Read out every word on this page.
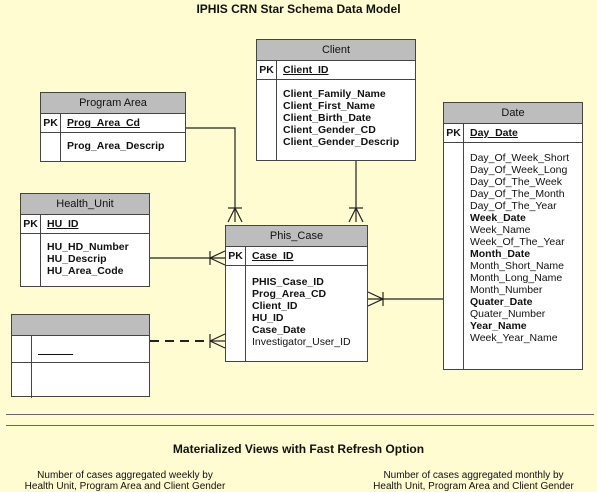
IPHIS CRN Star Schema Data Model
Client
PK Client_ID
Client_Family_Name
Client_First_Name
Client_Birth_Date
Client_Gender_CD
Client_Gender_Descrip
Program Area
PK Prog_Area_Cd
Prog_Area_Descrip
Health_Unit
PK HU_ID
HU_HD_Number
HU_Descrip
HU_Area_Code
Phis_Case
PK Case_ID
PHIS_Case_ID
Prog_Area_CD
Client_ID
HU_ID
Case_Date
Investigator_User_ID
Date
PK Day_Date
Day_Of_Week_Short
Day_Of_Week_Long
Day_Of_The_Week
Day_Of_The_Month
Day_Of_The_Year
Week_Date
Week_Name
Week_Of_The_Year
Month_Date
Month_Short_Name
Month_Long_Name
Month_Number
Quater_Date
Quater_Number
Year_Name
Week_Year_Name
______
Materialized Views with Fast Refresh Option
Number of cases aggregated weekly by
Health Unit, Program Area and Client Gender
Number of cases aggregated monthly by
Health Unit, Program Area and Client Gender
